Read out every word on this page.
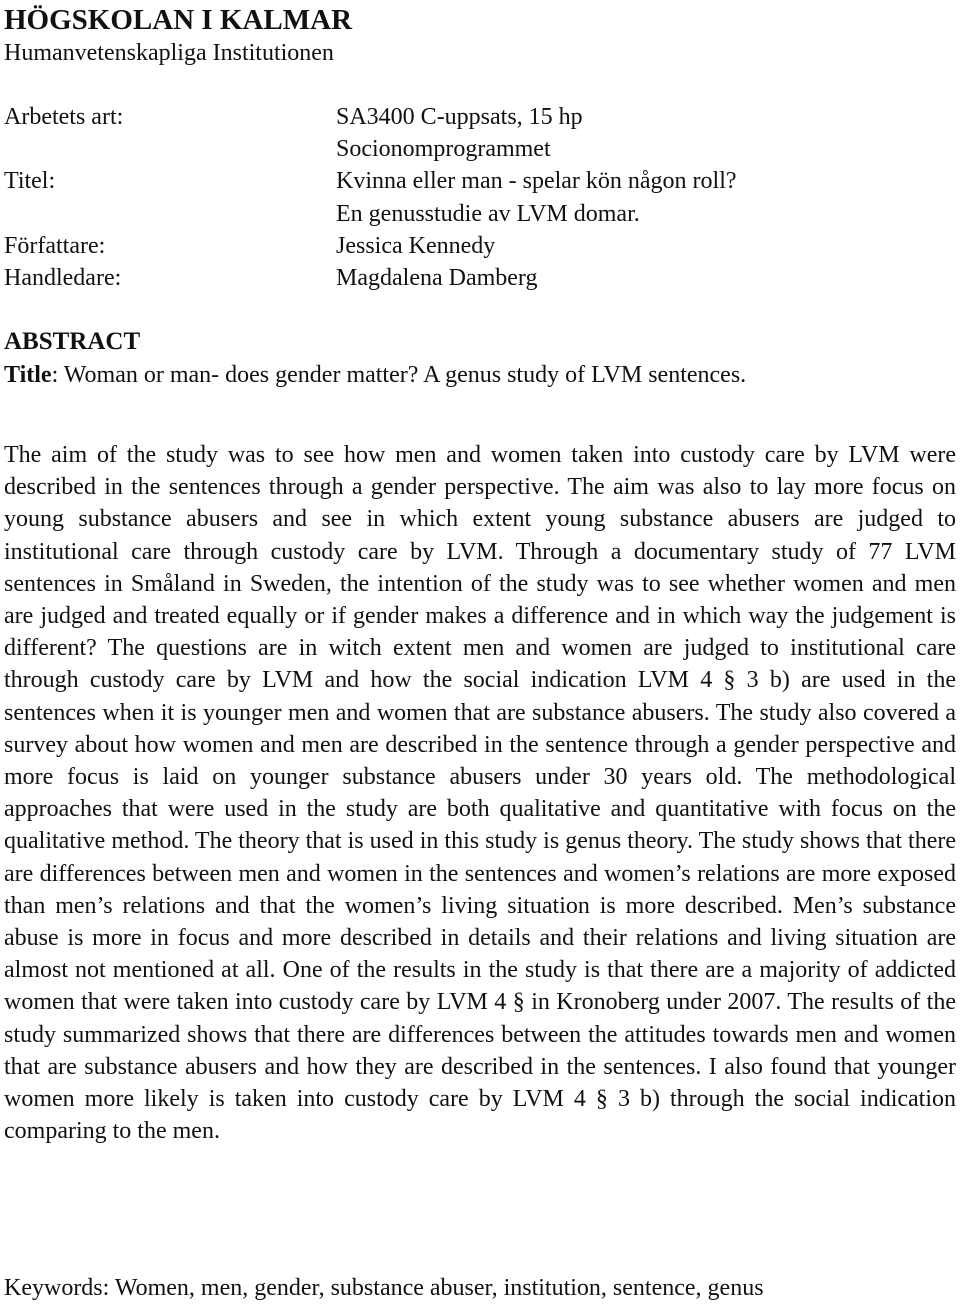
HÖGSKOLAN I KALMAR
Humanvetenskapliga Institutionen
Arbetets art:	SA3400 C-uppsats, 15 hp
Socionomprogrammet
Titel:	Kvinna eller man - spelar kön någon roll?
En genusstudie av LVM domar.
Författare:	Jessica Kennedy
Handledare:	Magdalena Damberg
ABSTRACT
Title: Woman or man- does gender matter? A genus study of LVM sentences.

The aim of the study was to see how men and women taken into custody care by LVM were described in the sentences through a gender perspective. The aim was also to lay more focus on young substance abusers and see in which extent young substance abusers are judged to institutional care through custody care by LVM. Through a documentary study of 77 LVM sentences in Småland in Sweden, the intention of the study was to see whether women and men are judged and treated equally or if gender makes a difference and in which way the judgement is different? The questions are in witch extent men and women are judged to institutional care through custody care by LVM and how the social indication LVM 4 § 3 b) are used in the sentences when it is younger men and women that are substance abusers. The study also covered a survey about how women and men are described in the sentence through a gender perspective and more focus is laid on younger substance abusers under 30 years old. The methodological approaches that were used in the study are both qualitative and quantitative with focus on the qualitative method. The theory that is used in this study is genus theory. The study shows that there are differences between men and women in the sentences and women’s relations are more exposed than men’s relations and that the women’s living situation is more described. Men’s substance abuse is more in focus and more described in details and their relations and living situation are almost not mentioned at all. One of the results in the study is that there are a majority of addicted women that were taken into custody care by LVM 4 § in Kronoberg under 2007. The results of the study summarized shows that there are differences between the attitudes towards men and women that are substance abusers and how they are described in the sentences. I also found that younger women more likely is taken into custody care by LVM 4 § 3 b) through the social indication comparing to the men.

Keywords: Women, men, gender, substance abuser, institution, sentence, genus
